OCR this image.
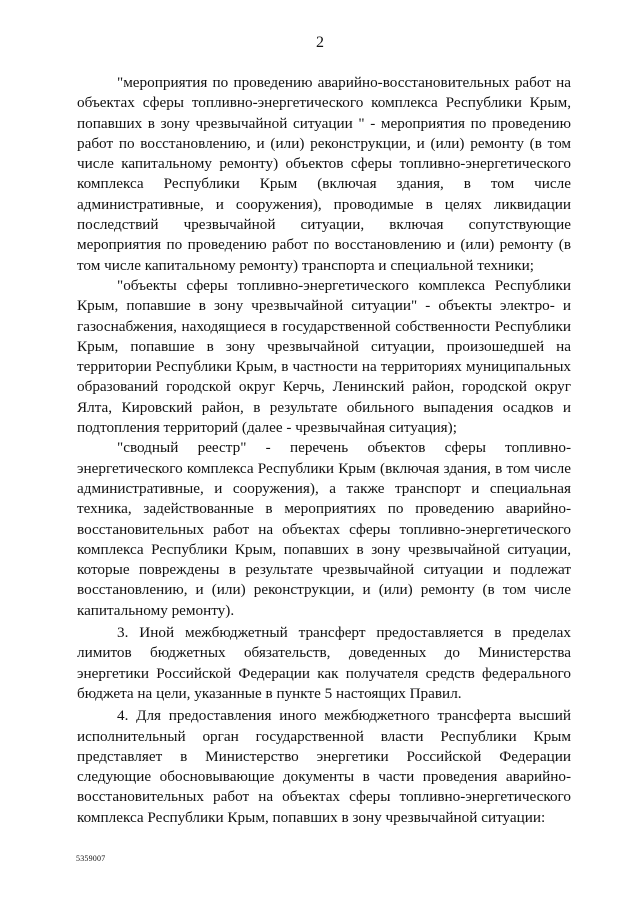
2

"мероприятия по проведению аварийно-восстановительных работ на объектах сферы топливно-энергетического комплекса Республики Крым, попавших в зону чрезвычайной ситуации " - мероприятия по проведению работ по восстановлению, и (или) реконструкции, и (или) ремонту (в том числе капитальному ремонту) объектов сферы топливно-энергетического комплекса Республики Крым (включая здания, в том числе административные, и сооружения), проводимые в целях ликвидации последствий чрезвычайной ситуации, включая сопутствующие мероприятия по проведению работ по восстановлению и (или) ремонту (в том числе капитальному ремонту) транспорта и специальной техники;

"объекты сферы топливно-энергетического комплекса Республики Крым, попавшие в зону чрезвычайной ситуации" - объекты электро- и газоснабжения, находящиеся в государственной собственности Республики Крым, попавшие в зону чрезвычайной ситуации, произошедшей на территории Республики Крым, в частности на территориях муниципальных образований городской округ Керчь, Ленинский район, городской округ Ялта, Кировский район, в результате обильного выпадения осадков и подтопления территорий (далее - чрезвычайная ситуация);

"сводный реестр" - перечень объектов сферы топливно-энергетического комплекса Республики Крым (включая здания, в том числе административные, и сооружения), а также транспорт и специальная техника, задействованные в мероприятиях по проведению аварийно-восстановительных работ на объектах сферы топливно-энергетического комплекса Республики Крым, попавших в зону чрезвычайной ситуации, которые повреждены в результате чрезвычайной ситуации и подлежат восстановлению, и (или) реконструкции, и (или) ремонту (в том числе капитальному ремонту).

3. Иной межбюджетный трансферт предоставляется в пределах лимитов бюджетных обязательств, доведенных до Министерства энергетики Российской Федерации как получателя средств федерального бюджета на цели, указанные в пункте 5 настоящих Правил.

4. Для предоставления иного межбюджетного трансферта высший исполнительный орган государственной власти Республики Крым представляет в Министерство энергетики Российской Федерации следующие обосновывающие документы в части проведения аварийно-восстановительных работ на объектах сферы топливно-энергетического комплекса Республики Крым, попавших в зону чрезвычайной ситуации:

5359007
